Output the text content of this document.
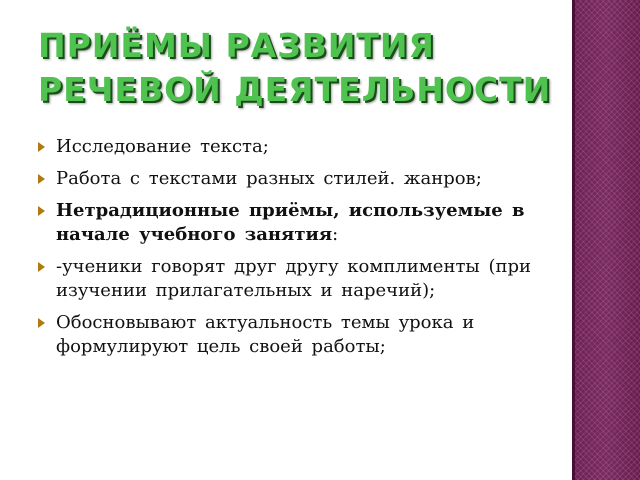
ПРИЁМЫ РАЗВИТИЯ
РЕЧЕВОЙ ДЕЯТЕЛЬНОСТИ
Исследование текста;
Работа с текстами разных стилей. жанров;
Нетрадиционные приёмы, используемые в начале учебного занятия:
-ученики говорят друг другу комплименты (при изучении прилагательных и наречий);
Обосновывают актуальность темы урока и формулируют цель своей работы;
